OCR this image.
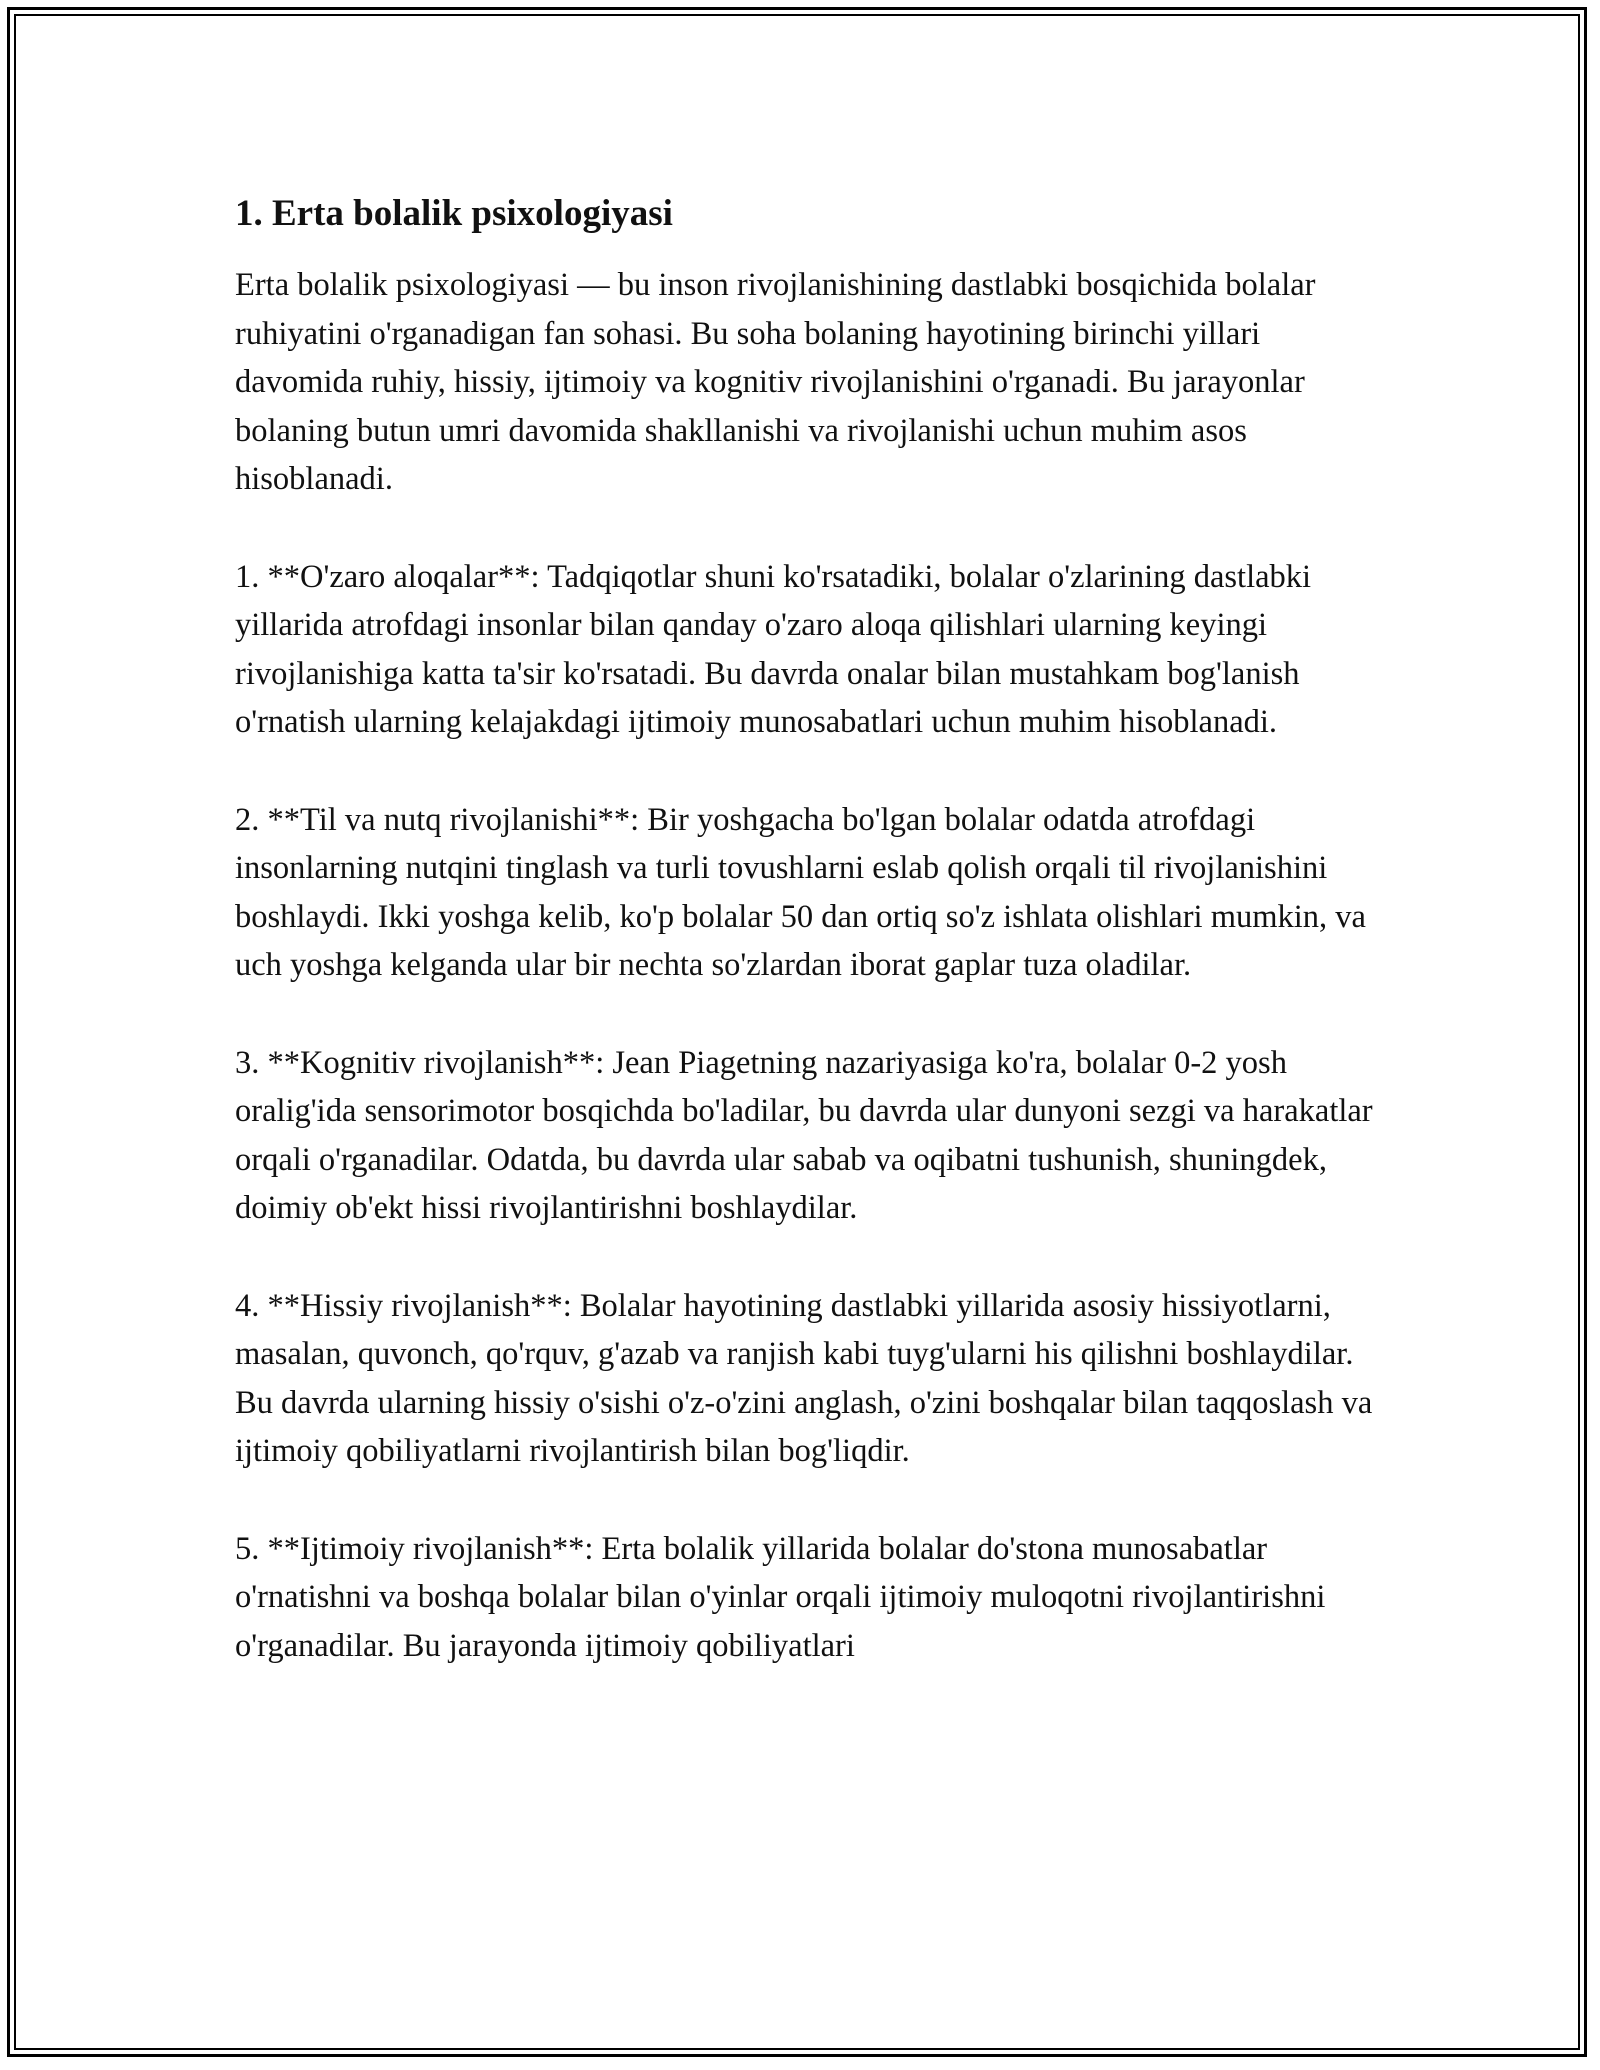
1. Erta bolalik psixologiyasi

Erta bolalik psixologiyasi — bu inson rivojlanishining dastlabki bosqichida bolalar ruhiyatini o'rganadigan fan sohasi. Bu soha bolaning hayotining birinchi yillari davomida ruhiy, hissiy, ijtimoiy va kognitiv rivojlanishini o'rganadi. Bu jarayonlar bolaning butun umri davomida shakllanishi va rivojlanishi uchun muhim asos hisoblanadi.

1. **O'zaro aloqalar**: Tadqiqotlar shuni ko'rsatadiki, bolalar o'zlarining dastlabki yillarida atrofdagi insonlar bilan qanday o'zaro aloqa qilishlari ularning keyingi rivojlanishiga katta ta'sir ko'rsatadi. Bu davrda onalar bilan mustahkam bog'lanish o'rnatish ularning kelajakdagi ijtimoiy munosabatlari uchun muhim hisoblanadi.

2. **Til va nutq rivojlanishi**: Bir yoshgacha bo'lgan bolalar odatda atrofdagi insonlarning nutqini tinglash va turli tovushlarni eslab qolish orqali til rivojlanishini boshlaydi. Ikki yoshga kelib, ko'p bolalar 50 dan ortiq so'z ishlata olishlari mumkin, va uch yoshga kelganda ular bir nechta so'zlardan iborat gaplar tuza oladilar.

3. **Kognitiv rivojlanish**: Jean Piagetning nazariyasiga ko'ra, bolalar 0-2 yosh oralig'ida sensorimotor bosqichda bo'ladilar, bu davrda ular dunyoni sezgi va harakatlar orqali o'rganadilar. Odatda, bu davrda ular sabab va oqibatni tushunish, shuningdek, doimiy ob'ekt hissi rivojlantirishni boshlaydilar.

4. **Hissiy rivojlanish**: Bolalar hayotining dastlabki yillarida asosiy hissiyotlarni, masalan, quvonch, qo'rquv, g'azab va ranjish kabi tuyg'ularni his qilishni boshlaydilar. Bu davrda ularning hissiy o'sishi o'z-o'zini anglash, o'zini boshqalar bilan taqqoslash va ijtimoiy qobiliyatlarni rivojlantirish bilan bog'liqdir.

5. **Ijtimoiy rivojlanish**: Erta bolalik yillarida bolalar do'stona munosabatlar o'rnatishni va boshqa bolalar bilan o'yinlar orqali ijtimoiy muloqotni rivojlantirishni o'rganadilar. Bu jarayonda ijtimoiy qobiliyatlari
